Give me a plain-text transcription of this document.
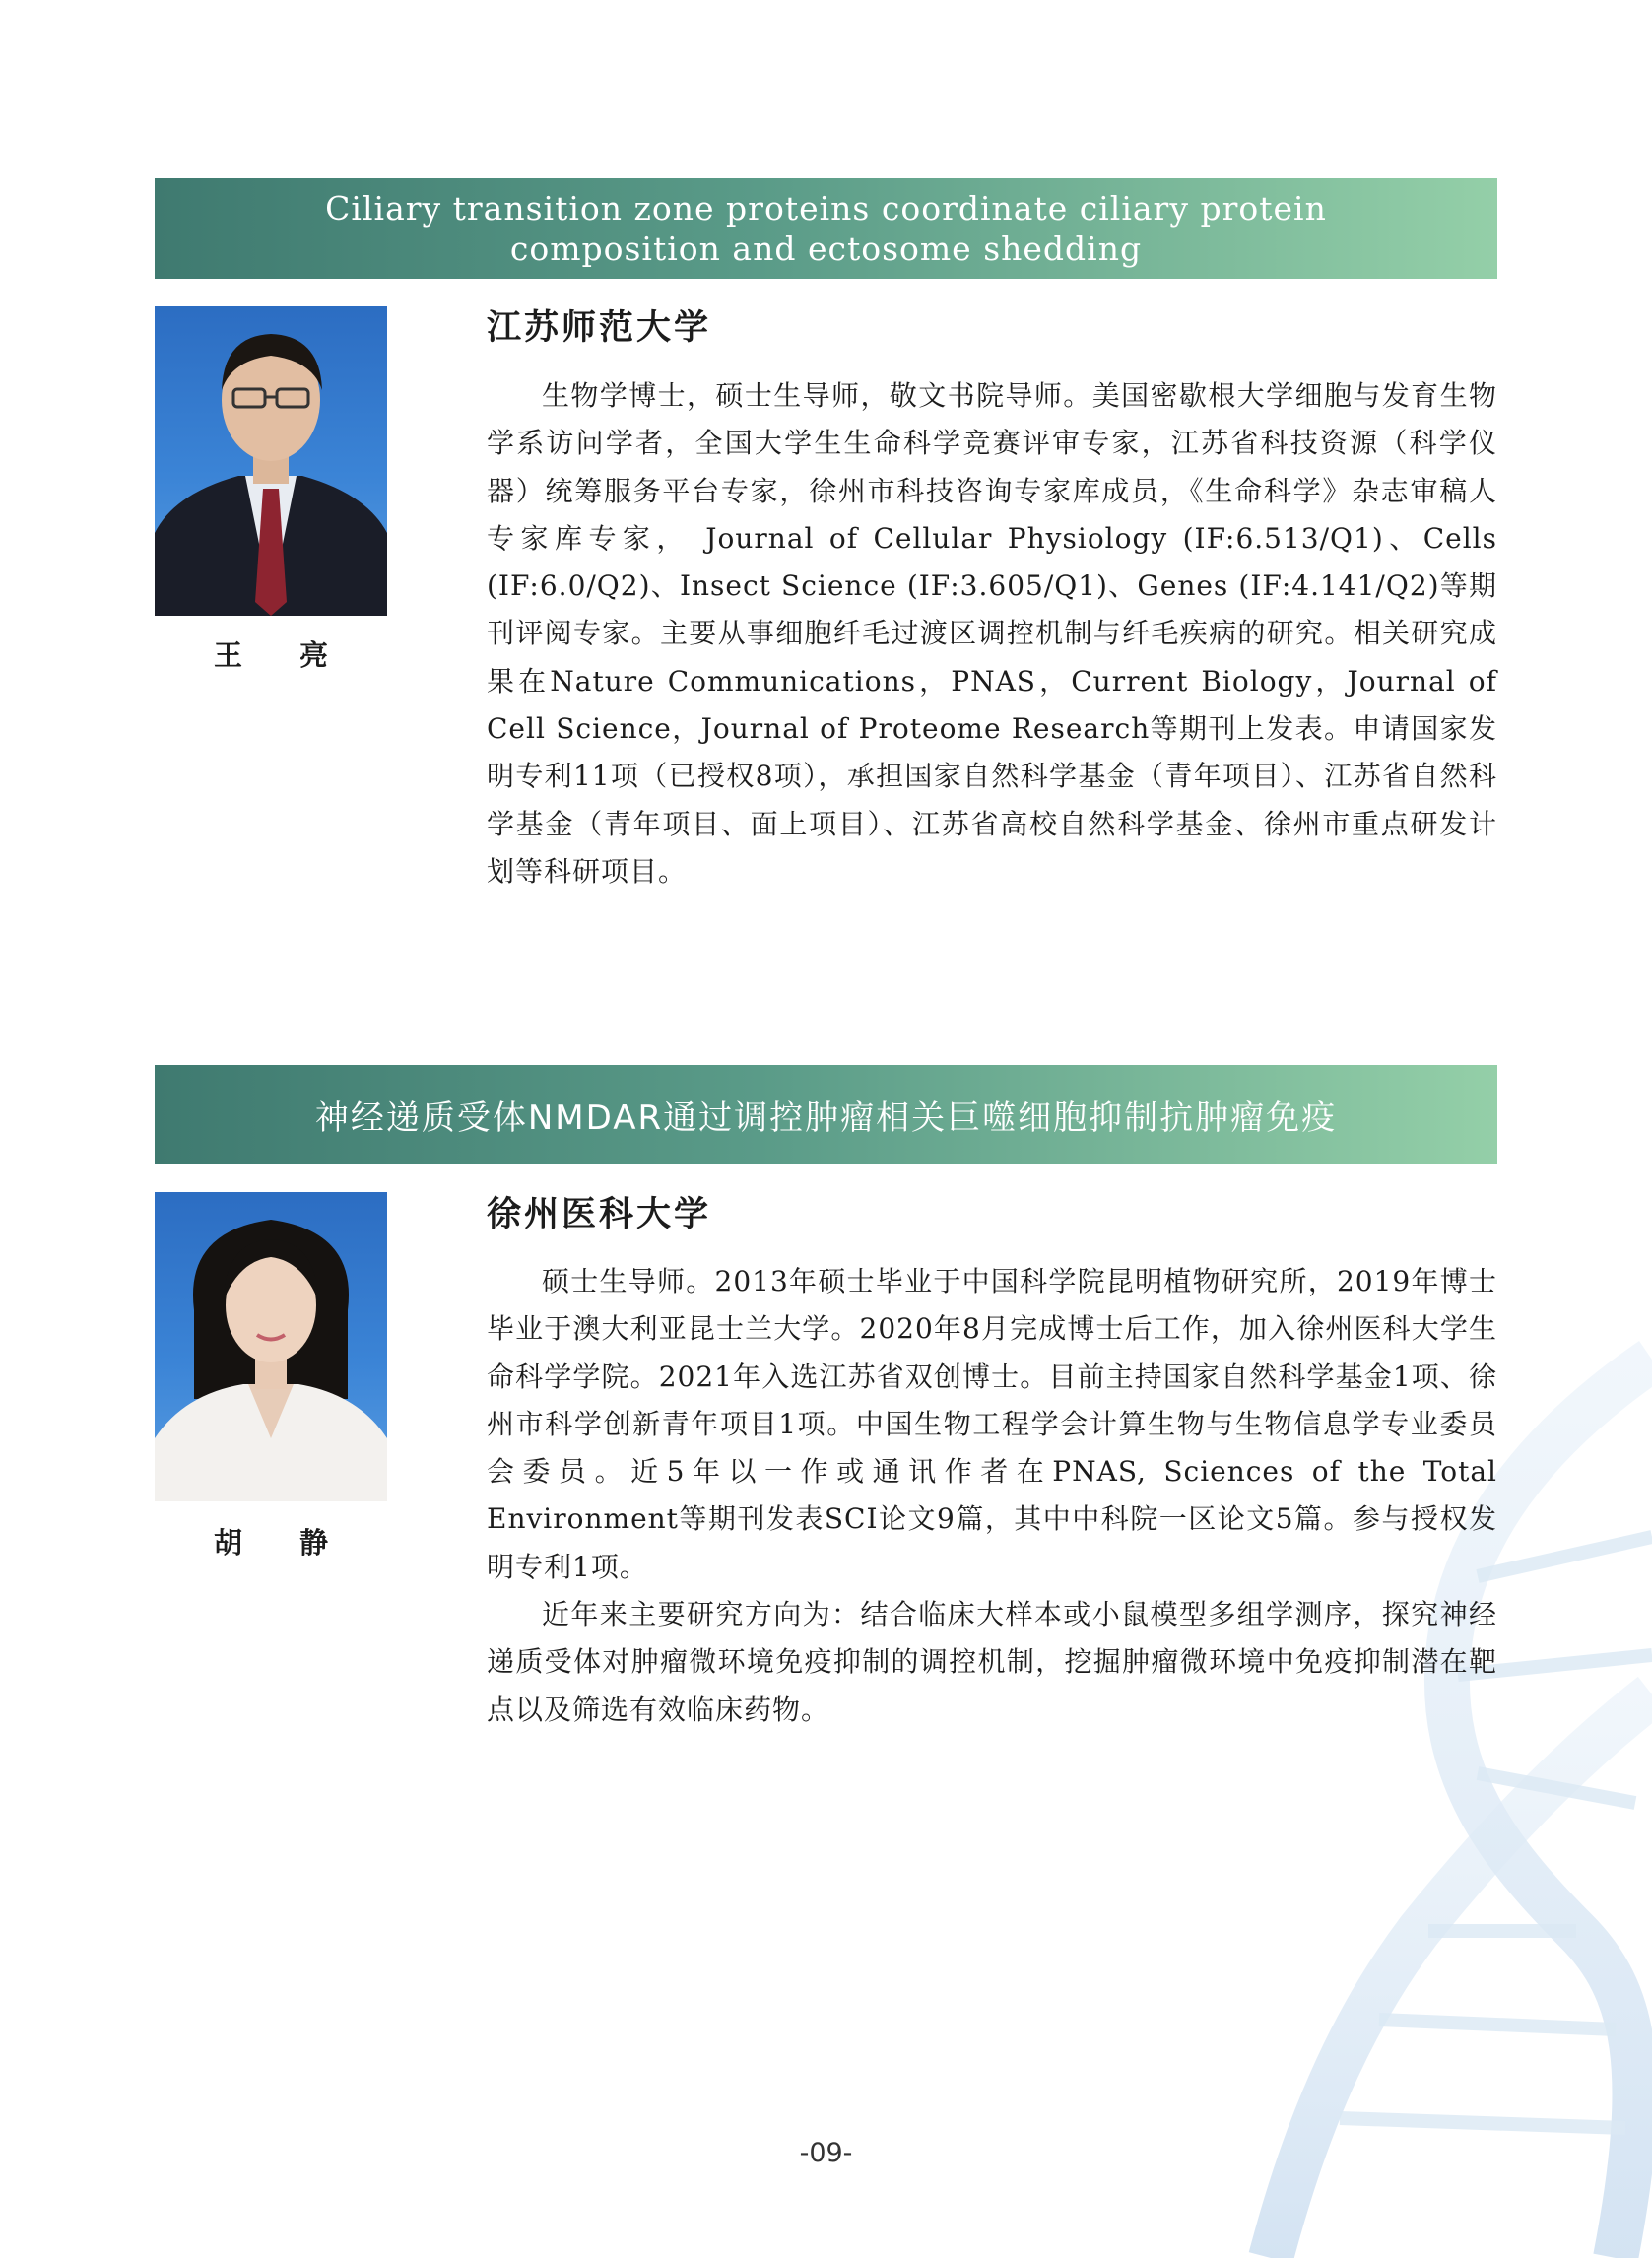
Ciliary transition zone proteins coordinate ciliary protein
composition and ectosome shedding
王 亮
江苏师范大学

生物学博士，硕士生导师，敬文书院导师。美国密歇根大学细胞与发育生物学系访问学者，全国大学生生命科学竞赛评审专家，江苏省科技资源（科学仪器）统筹服务平台专家，徐州市科技咨询专家库成员，《生命科学》杂志审稿人专家库专家， Journal of Cellular Physiology (IF:6.513/Q1)、Cells (IF:6.0/Q2)、Insect Science (IF:3.605/Q1)、Genes (IF:4.141/Q2)等期刊评阅专家。主要从事细胞纤毛过渡区调控机制与纤毛疾病的研究。相关研究成果在Nature Communications，PNAS，Current Biology，Journal of Cell Science，Journal of Proteome Research等期刊上发表。申请国家发明专利11项（已授权8项），承担国家自然科学基金（青年项目）、江苏省自然科学基金（青年项目、面上项目）、江苏省高校自然科学基金、徐州市重点研发计划等科研项目。

神经递质受体NMDAR通过调控肿瘤相关巨噬细胞抑制抗肿瘤免疫
胡 静
徐州医科大学

硕士生导师。2013年硕士毕业于中国科学院昆明植物研究所，2019年博士毕业于澳大利亚昆士兰大学。2020年8月完成博士后工作，加入徐州医科大学生命科学学院。2021年入选江苏省双创博士。目前主持国家自然科学基金1项、徐州市科学创新青年项目1项。中国生物工程学会计算生物与生物信息学专业委员会委员。近5年以一作或通讯作者在PNAS, Sciences of the Total Environment等期刊发表SCI论文9篇，其中中科院一区论文5篇。参与授权发明专利1项。

近年来主要研究方向为：结合临床大样本或小鼠模型多组学测序，探究神经递质受体对肿瘤微环境免疫抑制的调控机制，挖掘肿瘤微环境中免疫抑制潜在靶点以及筛选有效临床药物。

-09-
